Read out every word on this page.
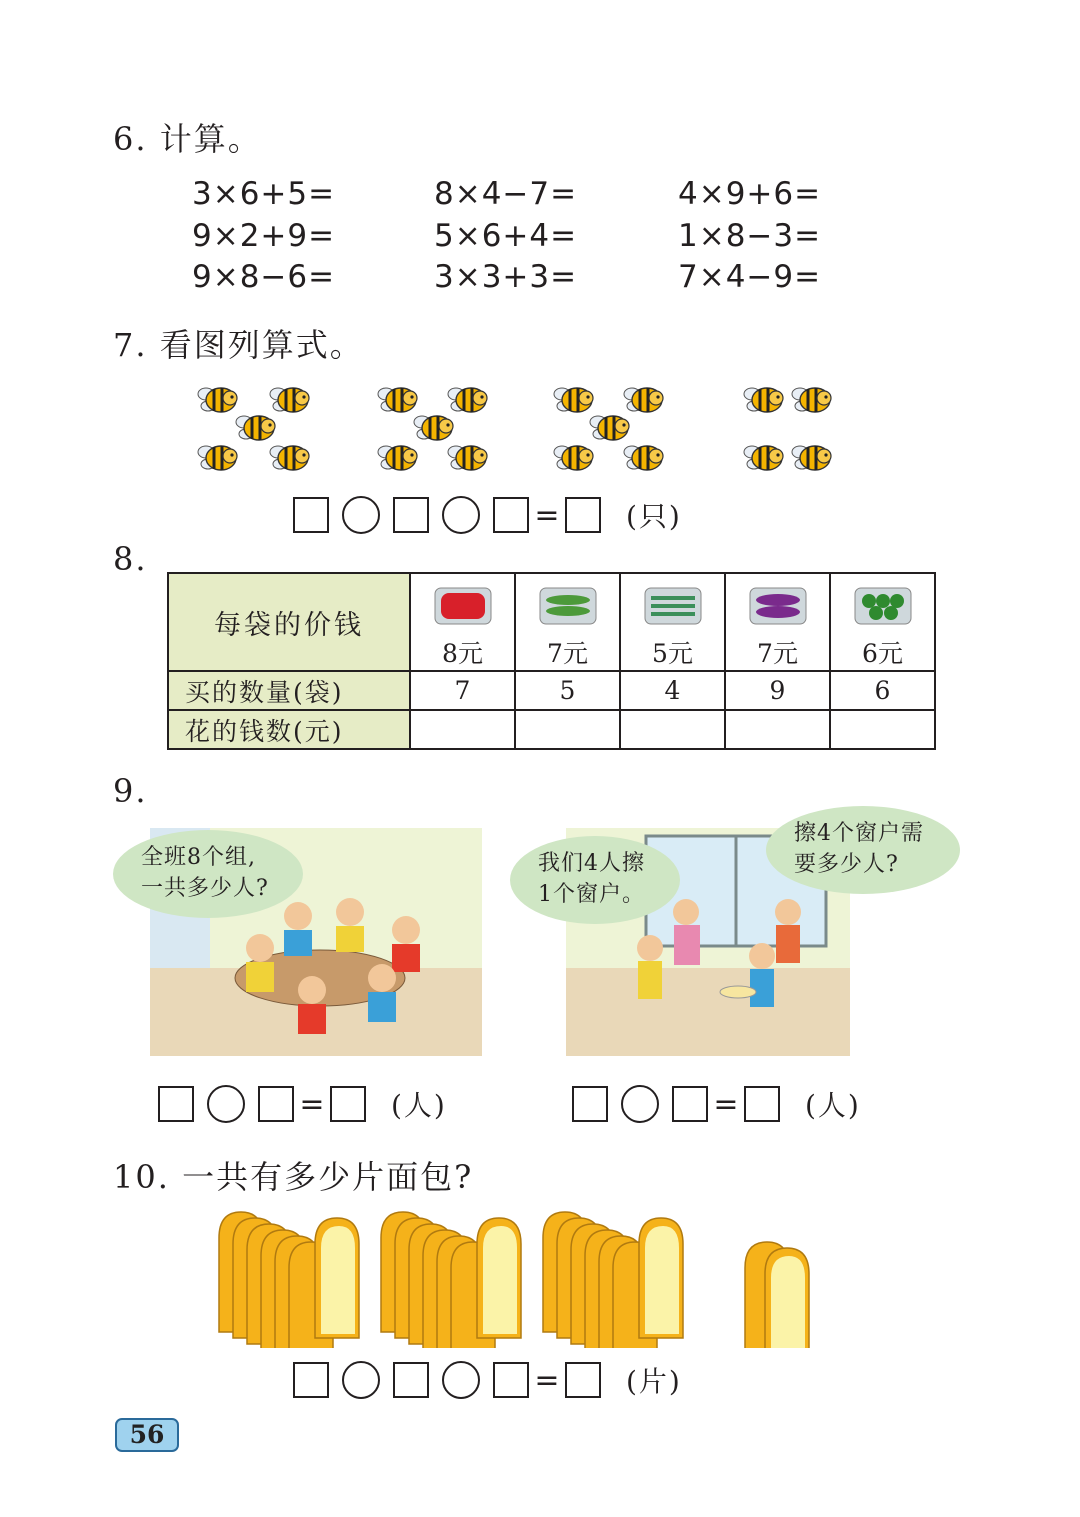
6. 计算。
3×6+5=	8×4−7=	4×9+6=
9×2+9=	5×6+4=	1×8−3=
9×8−6=	3×3+3=	7×4−9=
7. 看图列算式。
= (只)
8.
每袋的价钱	8元	7元	5元	7元	6元
买的数量(袋)	7	5	4	9	6
花的钱数(元)					
9.
全班8个组,
一共多少人?
我们4人擦
1个窗户。
擦4个窗户需
要多少人?
= (人)	= (人)
10. 一共有多少片面包?
= (片)
56
